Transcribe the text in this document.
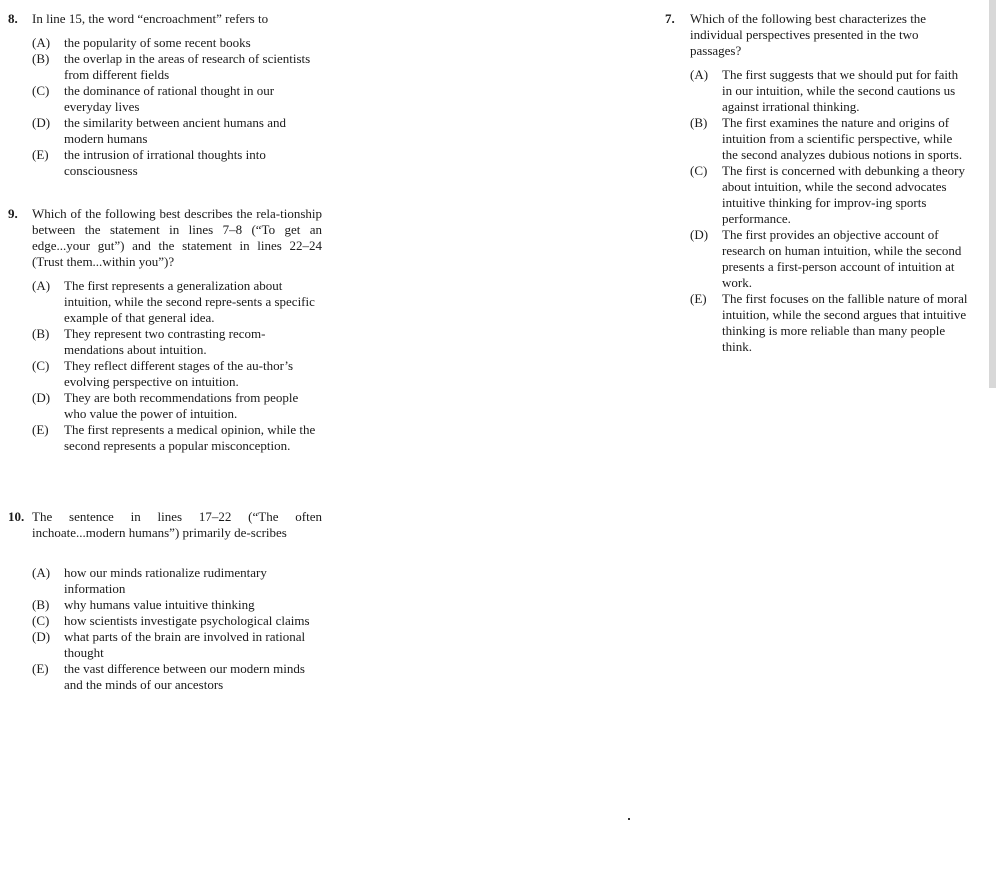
8. In line 15, the word “encroachment” refers to

(A) the popularity of some recent books
(B) the overlap in the areas of research of scientists from different fields
(C) the dominance of rational thought in our everyday lives
(D) the similarity between ancient humans and modern humans
(E) the intrusion of irrational thoughts into consciousness
9. Which of the following best describes the rela-tionship between the statement in lines 7–8 (“To get an edge...your gut”) and the statement in lines 22–24 (Trust them...within you”)?

(A) The first represents a generalization about intuition, while the second repre-sents a specific example of that general idea.
(B) They represent two contrasting recom-mendations about intuition.
(C) They reflect different stages of the au-thor’s evolving perspective on intuition.
(D) They are both recommendations from people who value the power of intuition.
(E) The first represents a medical opinion, while the second represents a popular misconception.
10. The sentence in lines 17–22 (“The often inchoate...modern humans”) primarily de-scribes

(A) how our minds rationalize rudimentary information
(B) why humans value intuitive thinking
(C) how scientists investigate psychological claims
(D) what parts of the brain are involved in rational thought
(E) the vast difference between our modern minds and the minds of our ancestors

7. Which of the following best characterizes the individual perspectives presented in the two passages?

(A) The first suggests that we should put for faith in our intuition, while the second cautions us against irrational thinking.
(B) The first examines the nature and origins of intuition from a scientific perspective, while the second analyzes dubious notions in sports.
(C) The first is concerned with debunking a theory about intuition, while the second advocates intuitive thinking for improv-ing sports performance.
(D) The first provides an objective account of research on human intuition, while the second presents a first-person account of intuition at work.
(E) The first focuses on the fallible nature of moral intuition, while the second argues that intuitive thinking is more reliable than many people think.
